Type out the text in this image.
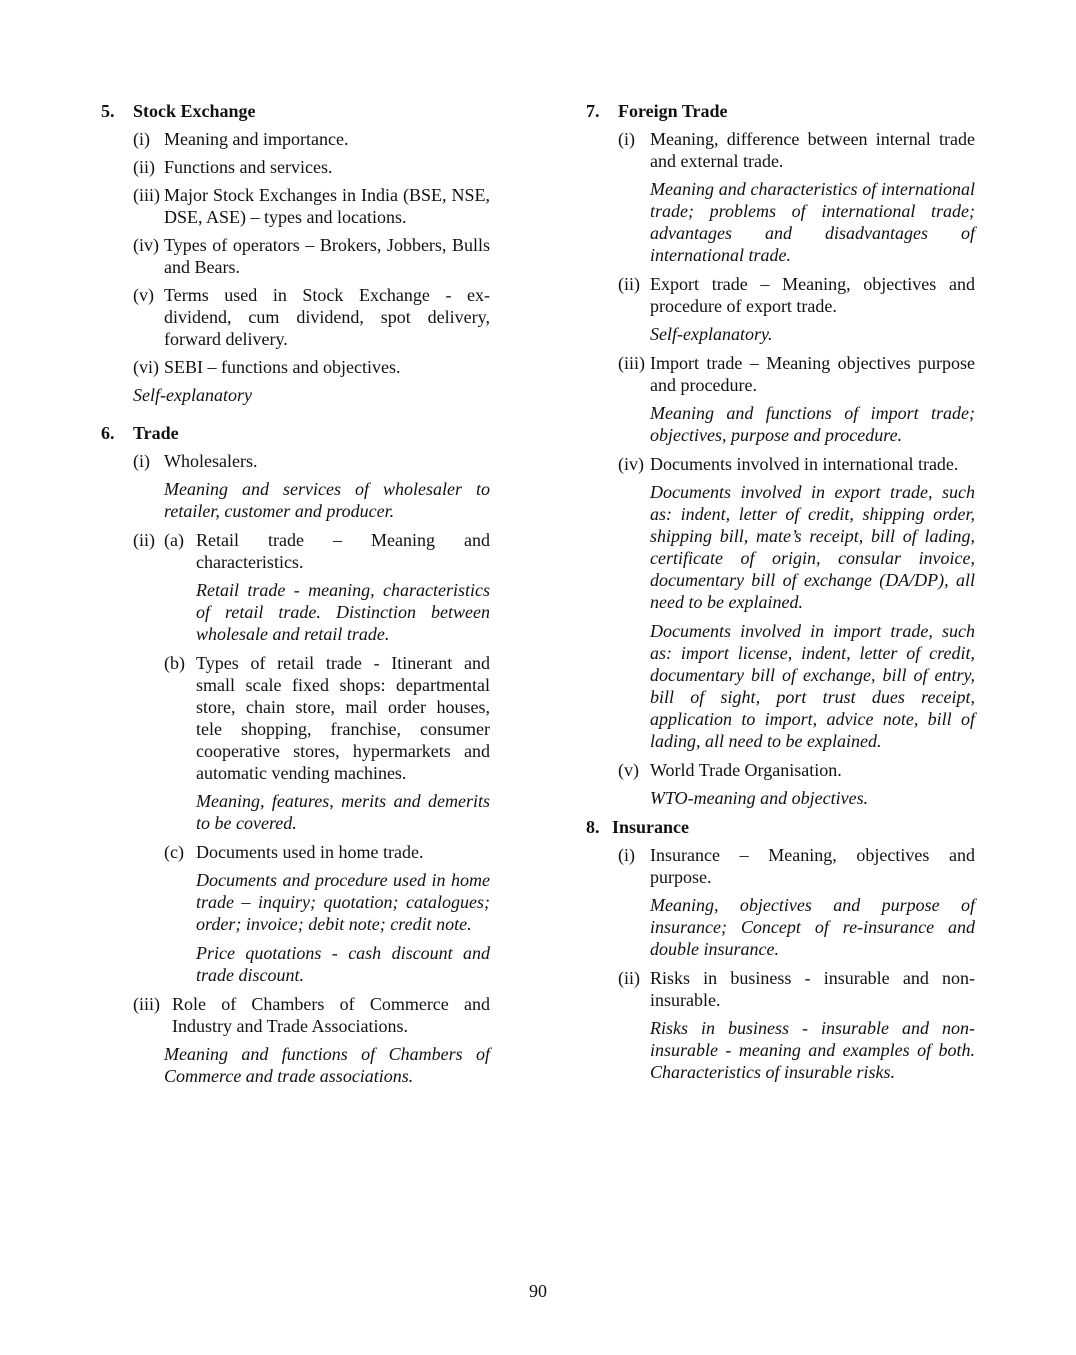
5.	Stock Exchange
(i) Meaning and importance.
(ii) Functions and services.
(iii) Major Stock Exchanges in India (BSE, NSE, DSE, ASE) – types and locations.
(iv) Types of operators – Brokers, Jobbers, Bulls and Bears.
(v) Terms used in Stock Exchange - ex-dividend, cum dividend, spot delivery, forward delivery.
(vi) SEBI – functions and objectives.
Self-explanatory
6.	Trade
(i) Wholesalers.
Meaning and services of wholesaler to retailer, customer and producer.
(ii) (a) Retail trade – Meaning and characteristics.
Retail trade - meaning, characteristics of retail trade. Distinction between wholesale and retail trade.
(b) Types of retail trade - Itinerant and small scale fixed shops: departmental store, chain store, mail order houses, tele shopping, franchise, consumer cooperative stores, hypermarkets and automatic vending machines.
Meaning, features, merits and demerits to be covered.
(c) Documents used in home trade.
Documents and procedure used in home trade – inquiry; quotation; catalogues; order; invoice; debit note; credit note.
Price quotations - cash discount and trade discount.
(iii) Role of Chambers of Commerce and Industry and Trade Associations.
Meaning and functions of Chambers of Commerce and trade associations.
7.	Foreign Trade
(i) Meaning, difference between internal trade and external trade.
Meaning and characteristics of international trade; problems of international trade; advantages and disadvantages of international trade.
(ii) Export trade – Meaning, objectives and procedure of export trade.
Self-explanatory.
(iii) Import trade – Meaning objectives purpose and procedure.
Meaning and functions of import trade; objectives, purpose and procedure.
(iv) Documents involved in international trade.
Documents involved in export trade, such as: indent, letter of credit, shipping order, shipping bill, mate’s receipt, bill of lading, certificate of origin, consular invoice, documentary bill of exchange (DA/DP), all need to be explained.
Documents involved in import trade, such as: import license, indent, letter of credit, documentary bill of exchange, bill of entry, bill of sight, port trust dues receipt, application to import, advice note, bill of lading, all need to be explained.
(v) World Trade Organisation.
WTO-meaning and objectives.
8. Insurance
(i) Insurance – Meaning, objectives and purpose.
Meaning, objectives and purpose of insurance; Concept of re-insurance and double insurance.
(ii) Risks in business - insurable and non-insurable.
Risks in business - insurable and non-insurable - meaning and examples of both. Characteristics of insurable risks.
90
